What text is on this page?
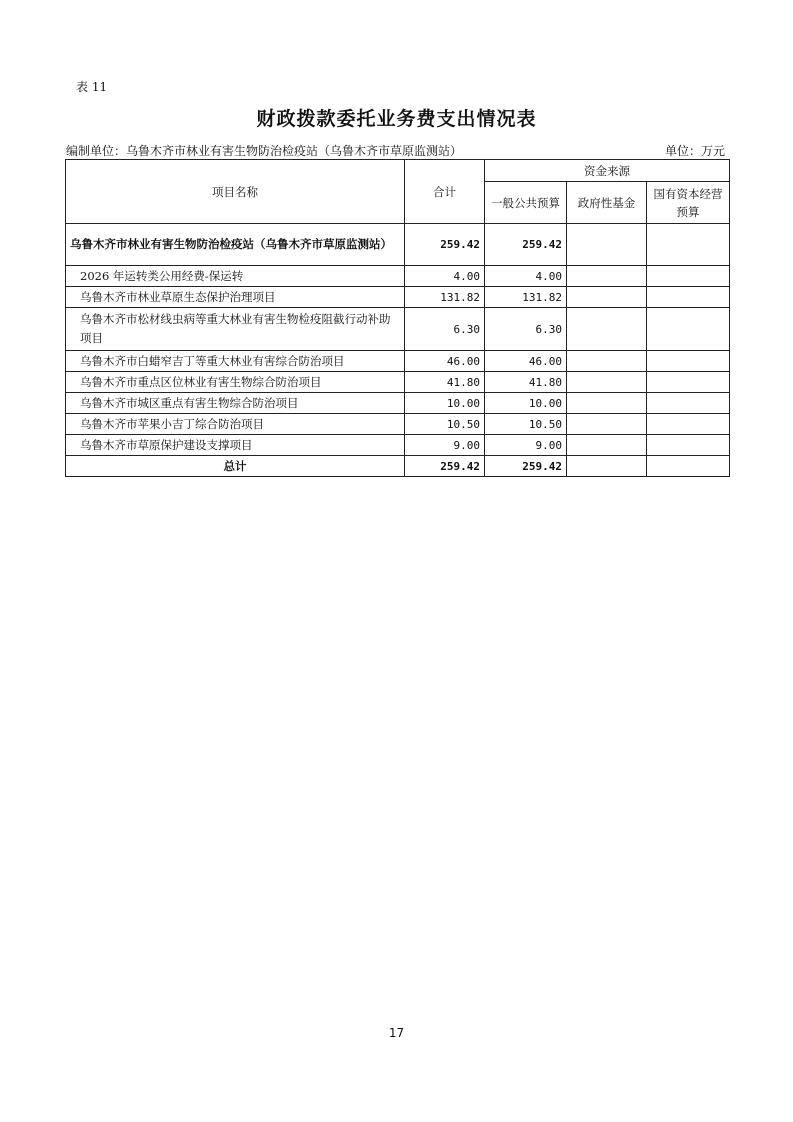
表 11
财政拨款委托业务费支出情况表
编制单位：乌鲁木齐市林业有害生物防治检疫站（乌鲁木齐市草原监测站）	单位：万元
项目名称	合计	资金来源		
		一般公共预算	政府性基金	国有资本经营预算
乌鲁木齐市林业有害生物防治检疫站（乌鲁木齐市草原监测站）	259.42	259.42		
2026 年运转类公用经费-保运转	4.00	4.00		
乌鲁木齐市林业草原生态保护治理项目	131.82	131.82		
乌鲁木齐市松材线虫病等重大林业有害生物检疫阻截行动补助项目	6.30	6.30		
乌鲁木齐市白蜡窄吉丁等重大林业有害综合防治项目	46.00	46.00		
乌鲁木齐市重点区位林业有害生物综合防治项目	41.80	41.80		
乌鲁木齐市城区重点有害生物综合防治项目	10.00	10.00		
乌鲁木齐市苹果小吉丁综合防治项目	10.50	10.50		
乌鲁木齐市草原保护建设支撑项目	9.00	9.00		
总计	259.42	259.42		
17
